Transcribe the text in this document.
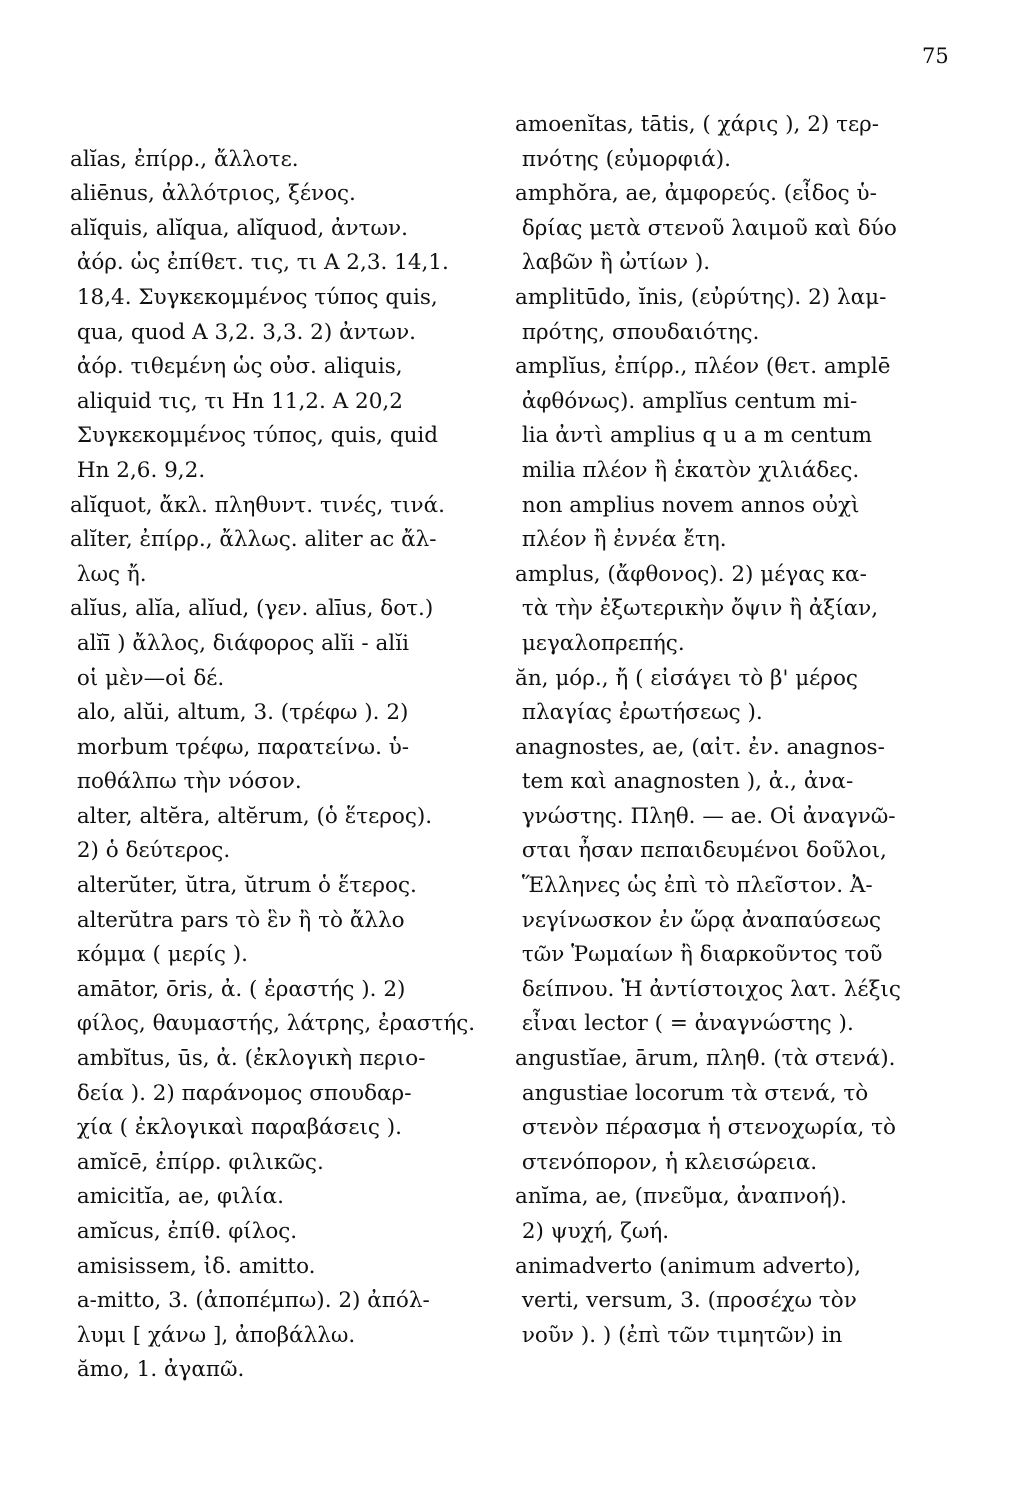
75
alĭas, ἐπίρρ., ἄλλοτε.
aliēnus, ἀλλότριος, ξένος.
alĭquis, alĭqua, alĭquod, ἀντων.
ἀόρ. ὡς ἐπίθετ. τις, τι Α 2,3. 14,1.
18,4. Συγκεκομμένος τύπος quis,
qua, quod A 3,2. 3,3. 2) ἀντων.
ἀόρ. τιθεμένη ὡς οὐσ. aliquis,
aliquid τις, τι Hn 11,2. A 20,2
Συγκεκομμένος τύπος, quis, quid
Hn 2,6. 9,2.
alĭquot, ἄκλ. πληθυντ. τινές, τινά.
alĭter, ἐπίρρ., ἄλλως. aliter ac ἄλ-
λως ἤ.
alĭus, alĭa, alĭud, (γεν. alīus, δοτ.)
alĭī ) ἄλλος, διάφορος alĭi - alĭi
οἱ μὲν—οἱ δέ.
alo, alŭi, altum, 3. (τρέφω ). 2)
morbum τρέφω, παρατείνω. ὑ-
ποθάλπω τὴν νόσον.
alter, altĕra, altĕrum, (ὁ ἕτερος).
2) ὁ δεύτερος.
alterŭter, ŭtra, ŭtrum ὁ ἕτερος.
alterŭtra pars τὸ ἓν ἢ τὸ ἄλλο
κόμμα ( μερίς ).
amātor, ōris, ἀ. ( ἐραστής ). 2)
φίλος, θαυμαστής, λάτρης, ἐραστής.
ambĭtus, ūs, ἀ. (ἐκλογικὴ περιο-
δεία ). 2) παράνομος σπουδαρ-
χία ( ἐκλογικαὶ παραβάσεις ).
amĭcē, ἐπίρρ. φιλικῶς.
amicitĭa, ae, φιλία.
amĭcus, ἐπίθ. φίλος.
amisissem, ἰδ. amitto.
a-mitto, 3. (ἀποπέμπω). 2) ἀπόλ-
λυμι [ χάνω ], ἀποβάλλω.
ămo, 1. ἀγαπῶ.
amoenĭtas, tātis, ( χάρις ), 2) τερ-
πνότης (εὐμορφιά).
amphŏra, ae, ἀμφορεύς. (εἶδος ὑ-
δρίας μετὰ στενοῦ λαιμοῦ καὶ δύο
λαβῶν ἢ ὠτίων ).
amplitūdo, ĭnis, (εὐρύτης). 2) λαμ-
πρότης, σπουδαιότης.
amplĭus, ἐπίρρ., πλέον (θετ. amplē
ἀφθόνως). amplĭus centum mi-
lia ἀντὶ amplius q u a m centum
milia πλέον ἢ ἑκατὸν χιλιάδες.
non amplius novem annos οὐχὶ
πλέον ἢ ἐννέα ἔτη.
amplus, (ἄφθονος). 2) μέγας κα-
τὰ τὴν ἐξωτερικὴν ὄψιν ἢ ἀξίαν,
μεγαλοπρεπής.
ăn, μόρ., ἤ ( εἰσάγει τὸ β' μέρος
πλαγίας ἐρωτήσεως ).
anagnostes, ae, (αἰτ. ἐν. anagnos-
tem καὶ anagnosten ), ἀ., ἀνα-
γνώστης. Πληθ. — ae. Οἱ ἀναγνῶ-
σται ἦσαν πεπαιδευμένοι δοῦλοι,
Ἕλληνες ὡς ἐπὶ τὸ πλεῖστον. Ἀ-
νεγίνωσκον ἐν ὥρᾳ ἀναπαύσεως
τῶν Ῥωμαίων ἢ διαρκοῦντος τοῦ
δείπνου. Ἡ ἀντίστοιχος λατ. λέξις
εἶναι lector ( = ἀναγνώστης ).
angustĭae, ārum, πληθ. (τὰ στενά).
angustiae locorum τὰ στενά, τὸ
στενὸν πέρασμα ἡ στενοχωρία, τὸ
στενόπορον, ἡ κλεισώρεια.
anĭma, ae, (πνεῦμα, ἀναπνοή).
2) ψυχή, ζωή.
animadverto (animum adverto),
verti, versum, 3. (προσέχω τὸν
νοῦν ). ) (ἐπὶ τῶν τιμητῶν) in
